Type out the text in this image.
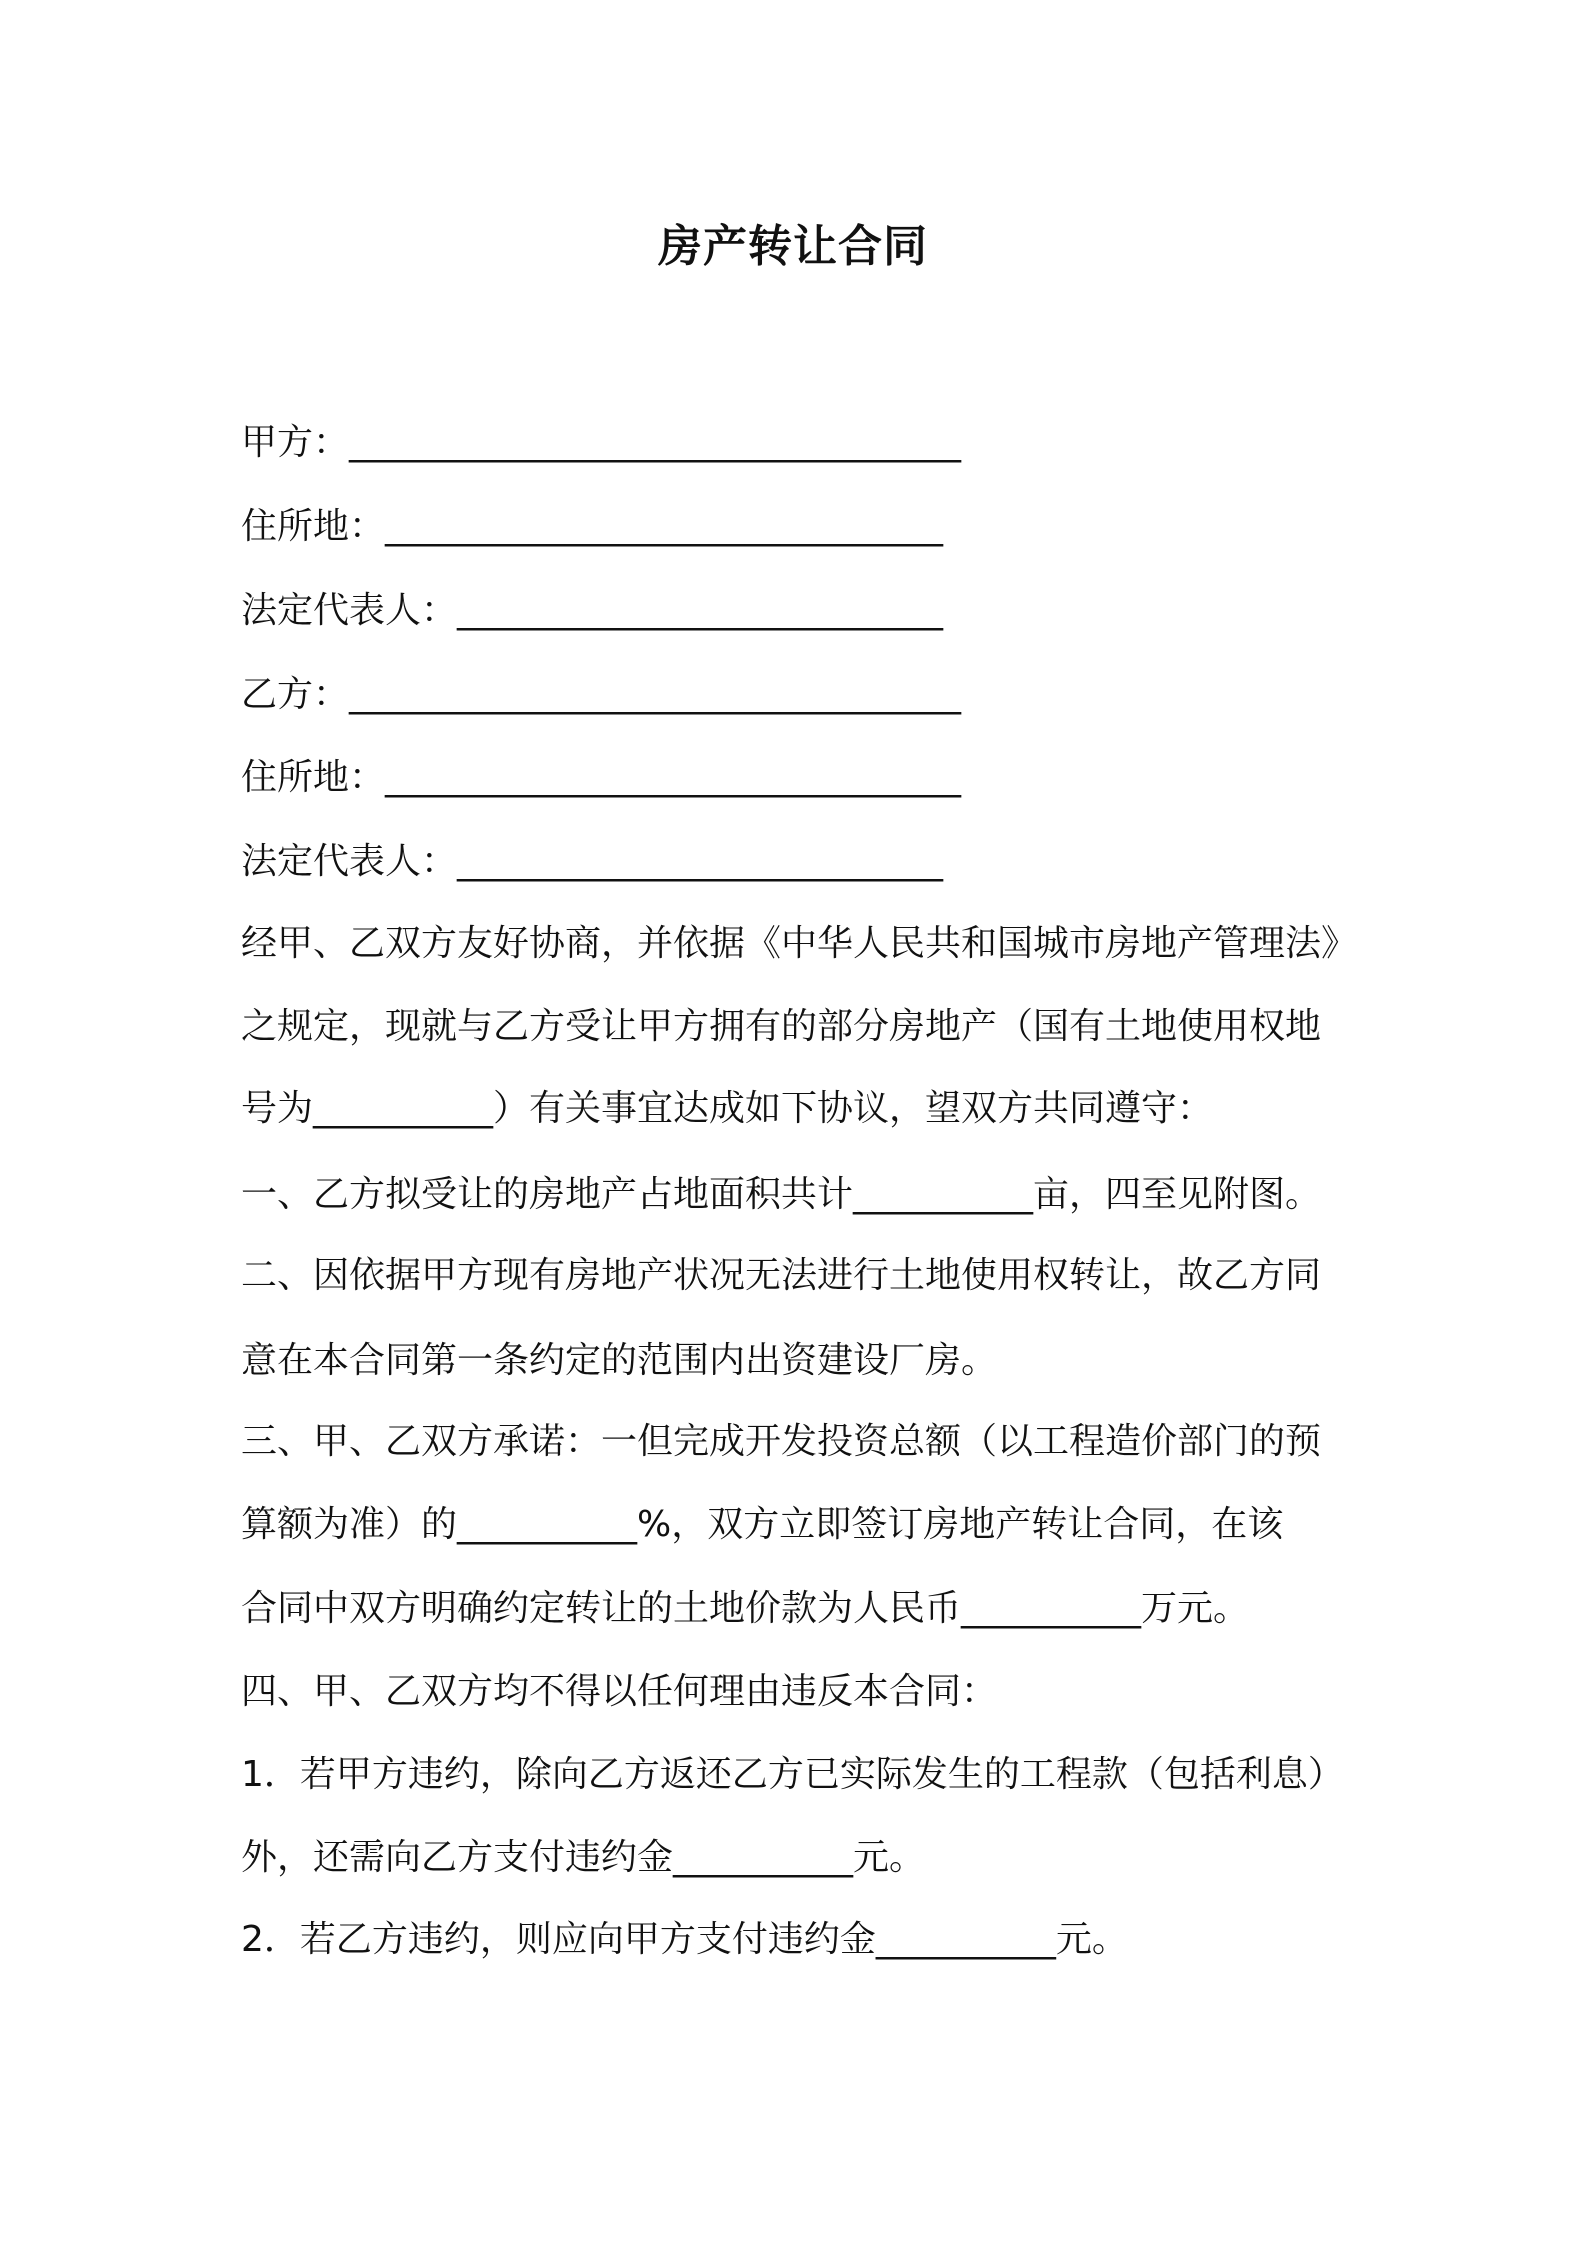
房产转让合同
甲方：__________________________________
住所地：_______________________________
法定代表人：___________________________
乙方：__________________________________
住所地：________________________________
法定代表人：___________________________
经甲、乙双方友好协商，并依据《中华人民共和国城市房地产管理法》
之规定，现就与乙方受让甲方拥有的部分房地产（国有土地使用权地
号为__________）有关事宜达成如下协议，望双方共同遵守：
一、乙方拟受让的房地产占地面积共计__________亩，四至见附图。
二、因依据甲方现有房地产状况无法进行土地使用权转让，故乙方同
意在本合同第一条约定的范围内出资建设厂房。
三、甲、乙双方承诺：一但完成开发投资总额（以工程造价部门的预
算额为准）的__________%，双方立即签订房地产转让合同，在该
合同中双方明确约定转让的土地价款为人民币__________万元。
四、甲、乙双方均不得以任何理由违反本合同：
1．若甲方违约，除向乙方返还乙方已实际发生的工程款（包括利息）
外，还需向乙方支付违约金__________元。
2．若乙方违约，则应向甲方支付违约金__________元。
